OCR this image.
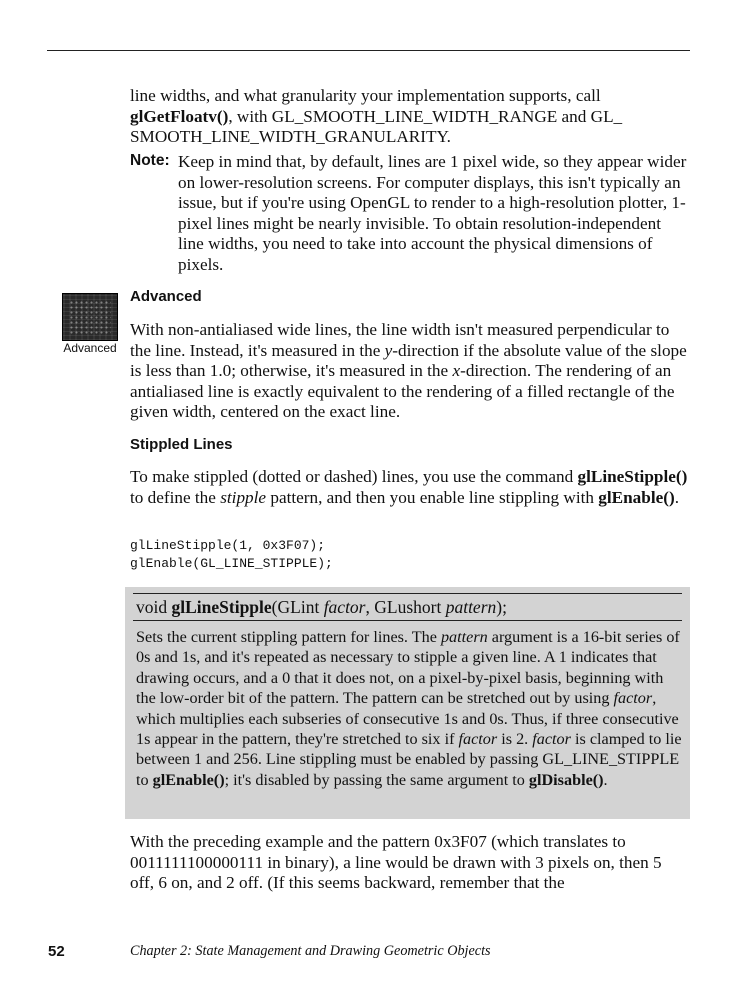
line widths, and what granularity your implementation supports, call
glGetFloatv(), with GL_SMOOTH_LINE_WIDTH_RANGE and GL_
SMOOTH_LINE_WIDTH_GRANULARITY.
Note: Keep in mind that, by default, lines are 1 pixel wide, so they appear wider on lower-resolution screens. For computer displays, this isn't typically an issue, but if you're using OpenGL to render to a high-resolution plotter, 1-pixel lines might be nearly invisible. To obtain resolution-independent line widths, you need to take into account the physical dimensions of pixels.
Advanced
Advanced
With non-antialiased wide lines, the line width isn't measured perpendicular to the line. Instead, it's measured in the y-direction if the absolute value of the slope is less than 1.0; otherwise, it's measured in the x-direction. The rendering of an antialiased line is exactly equivalent to the rendering of a filled rectangle of the given width, centered on the exact line.
Stippled Lines
To make stippled (dotted or dashed) lines, you use the command glLineStipple() to define the stipple pattern, and then you enable line stippling with glEnable().
glLineStipple(1, 0x3F07);
glEnable(GL_LINE_STIPPLE);
void glLineStipple(GLint factor, GLushort pattern);
Sets the current stippling pattern for lines. The pattern argument is a 16-bit series of 0s and 1s, and it's repeated as necessary to stipple a given line. A 1 indicates that drawing occurs, and a 0 that it does not, on a pixel-by-pixel basis, beginning with the low-order bit of the pattern. The pattern can be stretched out by using factor, which multiplies each subseries of consecutive 1s and 0s. Thus, if three consecutive 1s appear in the pattern, they're stretched to six if factor is 2. factor is clamped to lie between 1 and 256. Line stippling must be enabled by passing GL_LINE_STIPPLE to glEnable(); it's disabled by passing the same argument to glDisable().
With the preceding example and the pattern 0x3F07 (which translates to 0011111100000111 in binary), a line would be drawn with 3 pixels on, then 5 off, 6 on, and 2 off. (If this seems backward, remember that the
52	Chapter 2: State Management and Drawing Geometric Objects
